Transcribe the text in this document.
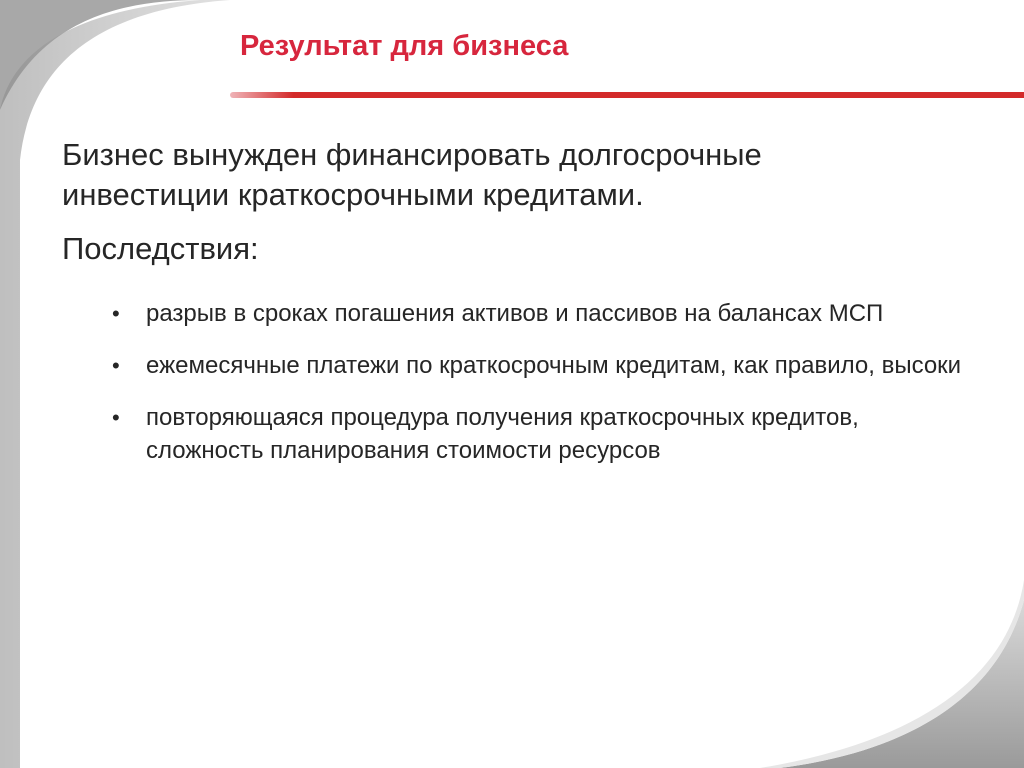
Результат для бизнеса

Бизнес вынужден финансировать долгосрочные инвестиции краткосрочными кредитами.

Последствия:

• разрыв в сроках погашения активов и пассивов на балансах МСП
• ежемесячные платежи по краткосрочным кредитам, как правило, высоки
• повторяющаяся процедура получения краткосрочных кредитов, сложность планирования стоимости ресурсов
